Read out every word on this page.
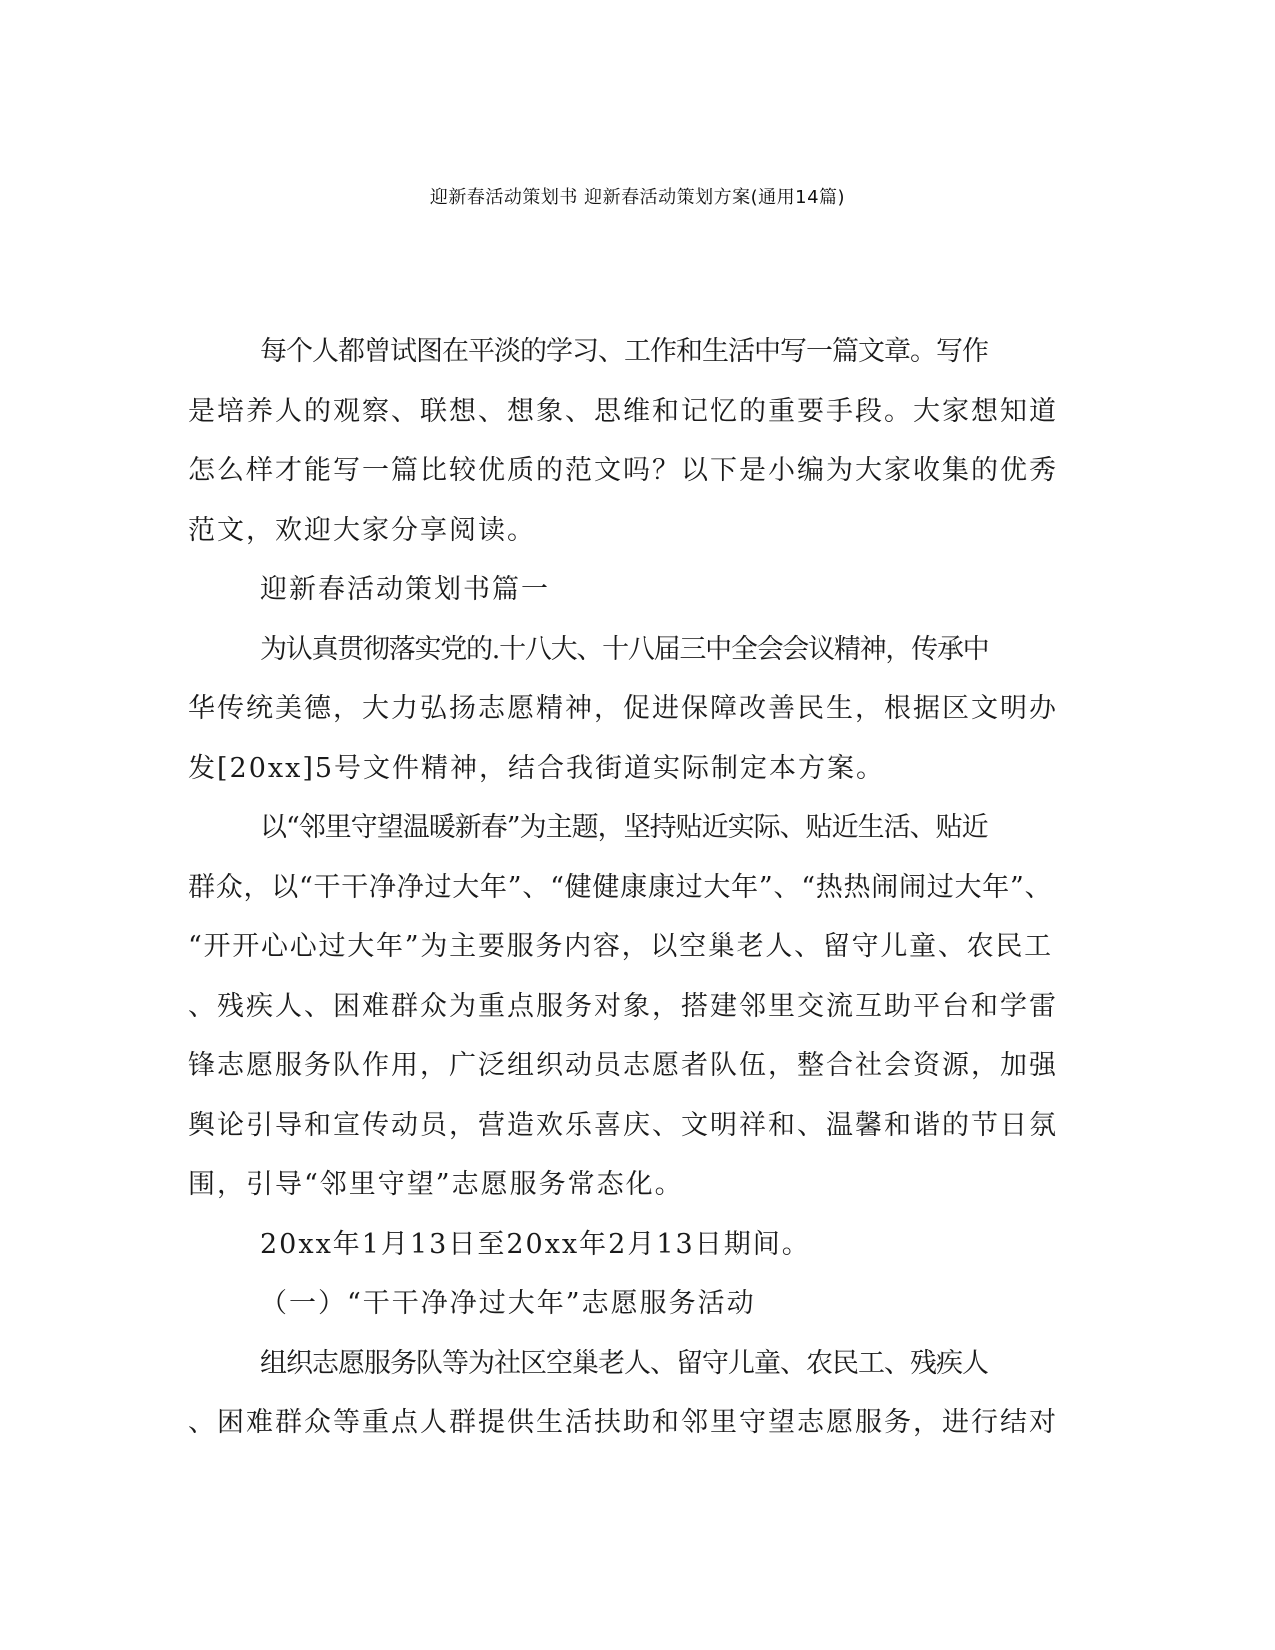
迎新春活动策划书 迎新春活动策划方案(通用14篇)
每个人都曾试图在平淡的学习、工作和生活中写一篇文章。写作
是培养人的观察、联想、想象、思维和记忆的重要手段。大家想知道
怎么样才能写一篇比较优质的范文吗？以下是小编为大家收集的优秀
范文，欢迎大家分享阅读。
迎新春活动策划书篇一
为认真贯彻落实党的.十八大、十八届三中全会会议精神，传承中
华传统美德，大力弘扬志愿精神，促进保障改善民生，根据区文明办
发[20xx]5号文件精神，结合我街道实际制定本方案。
以“邻里守望温暖新春”为主题，坚持贴近实际、贴近生活、贴近
群众，以“干干净净过大年”、“健健康康过大年”、“热热闹闹过大年”、
“开开心心过大年”为主要服务内容，以空巢老人、留守儿童、农民工
、残疾人、困难群众为重点服务对象，搭建邻里交流互助平台和学雷
锋志愿服务队作用，广泛组织动员志愿者队伍，整合社会资源，加强
舆论引导和宣传动员，营造欢乐喜庆、文明祥和、温馨和谐的节日氛
围，引导“邻里守望”志愿服务常态化。
20xx年1月13日至20xx年2月13日期间。
（一）“干干净净过大年”志愿服务活动
组织志愿服务队等为社区空巢老人、留守儿童、农民工、残疾人
、困难群众等重点人群提供生活扶助和邻里守望志愿服务，进行结对
